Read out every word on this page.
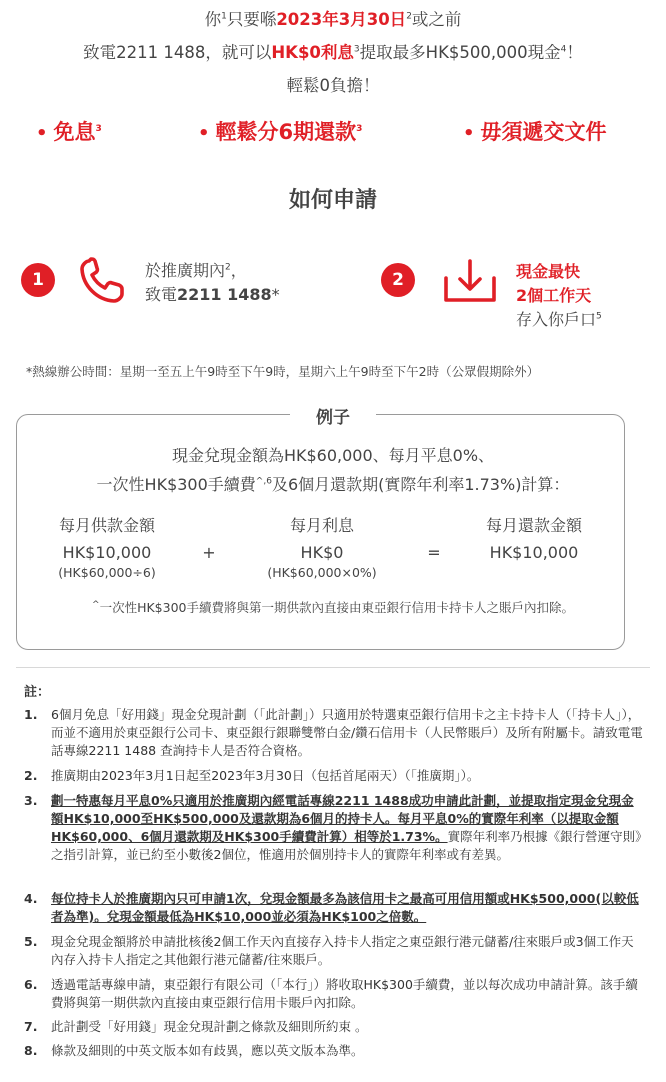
你$^1$只要喺2023年3月30日$^2$或之前
致電2211 1488，就可以HK$0利息$^3$提取最多HK$500,000現金$^4$！
輕鬆0負擔！
• 免息$^3$	• 輕鬆分6期還款$^3$	• 毋須遞交文件
如何申請
1	於推廣期內$^2$，
致電2211 1488*
2	現金最快
2個工作天
存入你戶口$^5$
*熱線辦公時間：星期一至五上午9時至下午9時，星期六上午9時至下午2時（公眾假期除外）
例子
現金兌現金額為HK$60,000、每月平息0%、
一次性HK$300手續費$^{\^{},6}$及6個月還款期(實際年利率1.73%)計算：
每月供款金額	每月利息	每月還款金額
HK$10,000	+	HK$0	=	HK$10,000
(HK$60,000÷6)	(HK$60,000×0%)
^一次性HK$300手續費將與第一期供款內直接由東亞銀行信用卡持卡人之賬戶內扣除。
註：
1.	6個月免息「好用錢」現金兌現計劃（「此計劃」）只適用於特選東亞銀行信用卡之主卡持卡人（「持卡人」），而並不適用於東亞銀行公司卡、東亞銀行銀聯雙幣白金/鑽石信用卡（人民幣賬戶）及所有附屬卡。請致電電話專線2211 1488 查詢持卡人是否符合資格。
2.	推廣期由2023年3月1日起至2023年3月30日（包括首尾兩天）（「推廣期」）。
3.	劃一特惠每月平息0%只適用於推廣期內經電話專線2211 1488成功申請此計劃，並提取指定現金兌現金額HK$10,000至HK$500,000及還款期為6個月的持卡人。每月平息0%的實際年利率（以提取金額HK$60,000、6個月還款期及HK$300手續費計算）相等於1.73%。實際年利率乃根據《銀行營運守則》之指引計算，並已約至小數後2個位，惟適用於個別持卡人的實際年利率或有差異。
4.	每位持卡人於推廣期內只可申請1次，兌現金額最多為該信用卡之最高可用信用額或HK$500,000(以較低者為準)。兌現金額最低為HK$10,000並必須為HK$100之倍數。
5.	現金兌現金額將於申請批核後2個工作天內直接存入持卡人指定之東亞銀行港元儲蓄/往來賬戶或3個工作天內存入持卡人指定之其他銀行港元儲蓄/往來賬戶。
6.	透過電話專線申請，東亞銀行有限公司（「本行」）將收取HK$300手續費，並以每次成功申請計算。該手續費將與第一期供款內直接由東亞銀行信用卡賬戶內扣除。
7.	此計劃受「好用錢」現金兌現計劃之條款及細則所約束 。
8.	條款及細則的中英文版本如有歧異，應以英文版本為準。
